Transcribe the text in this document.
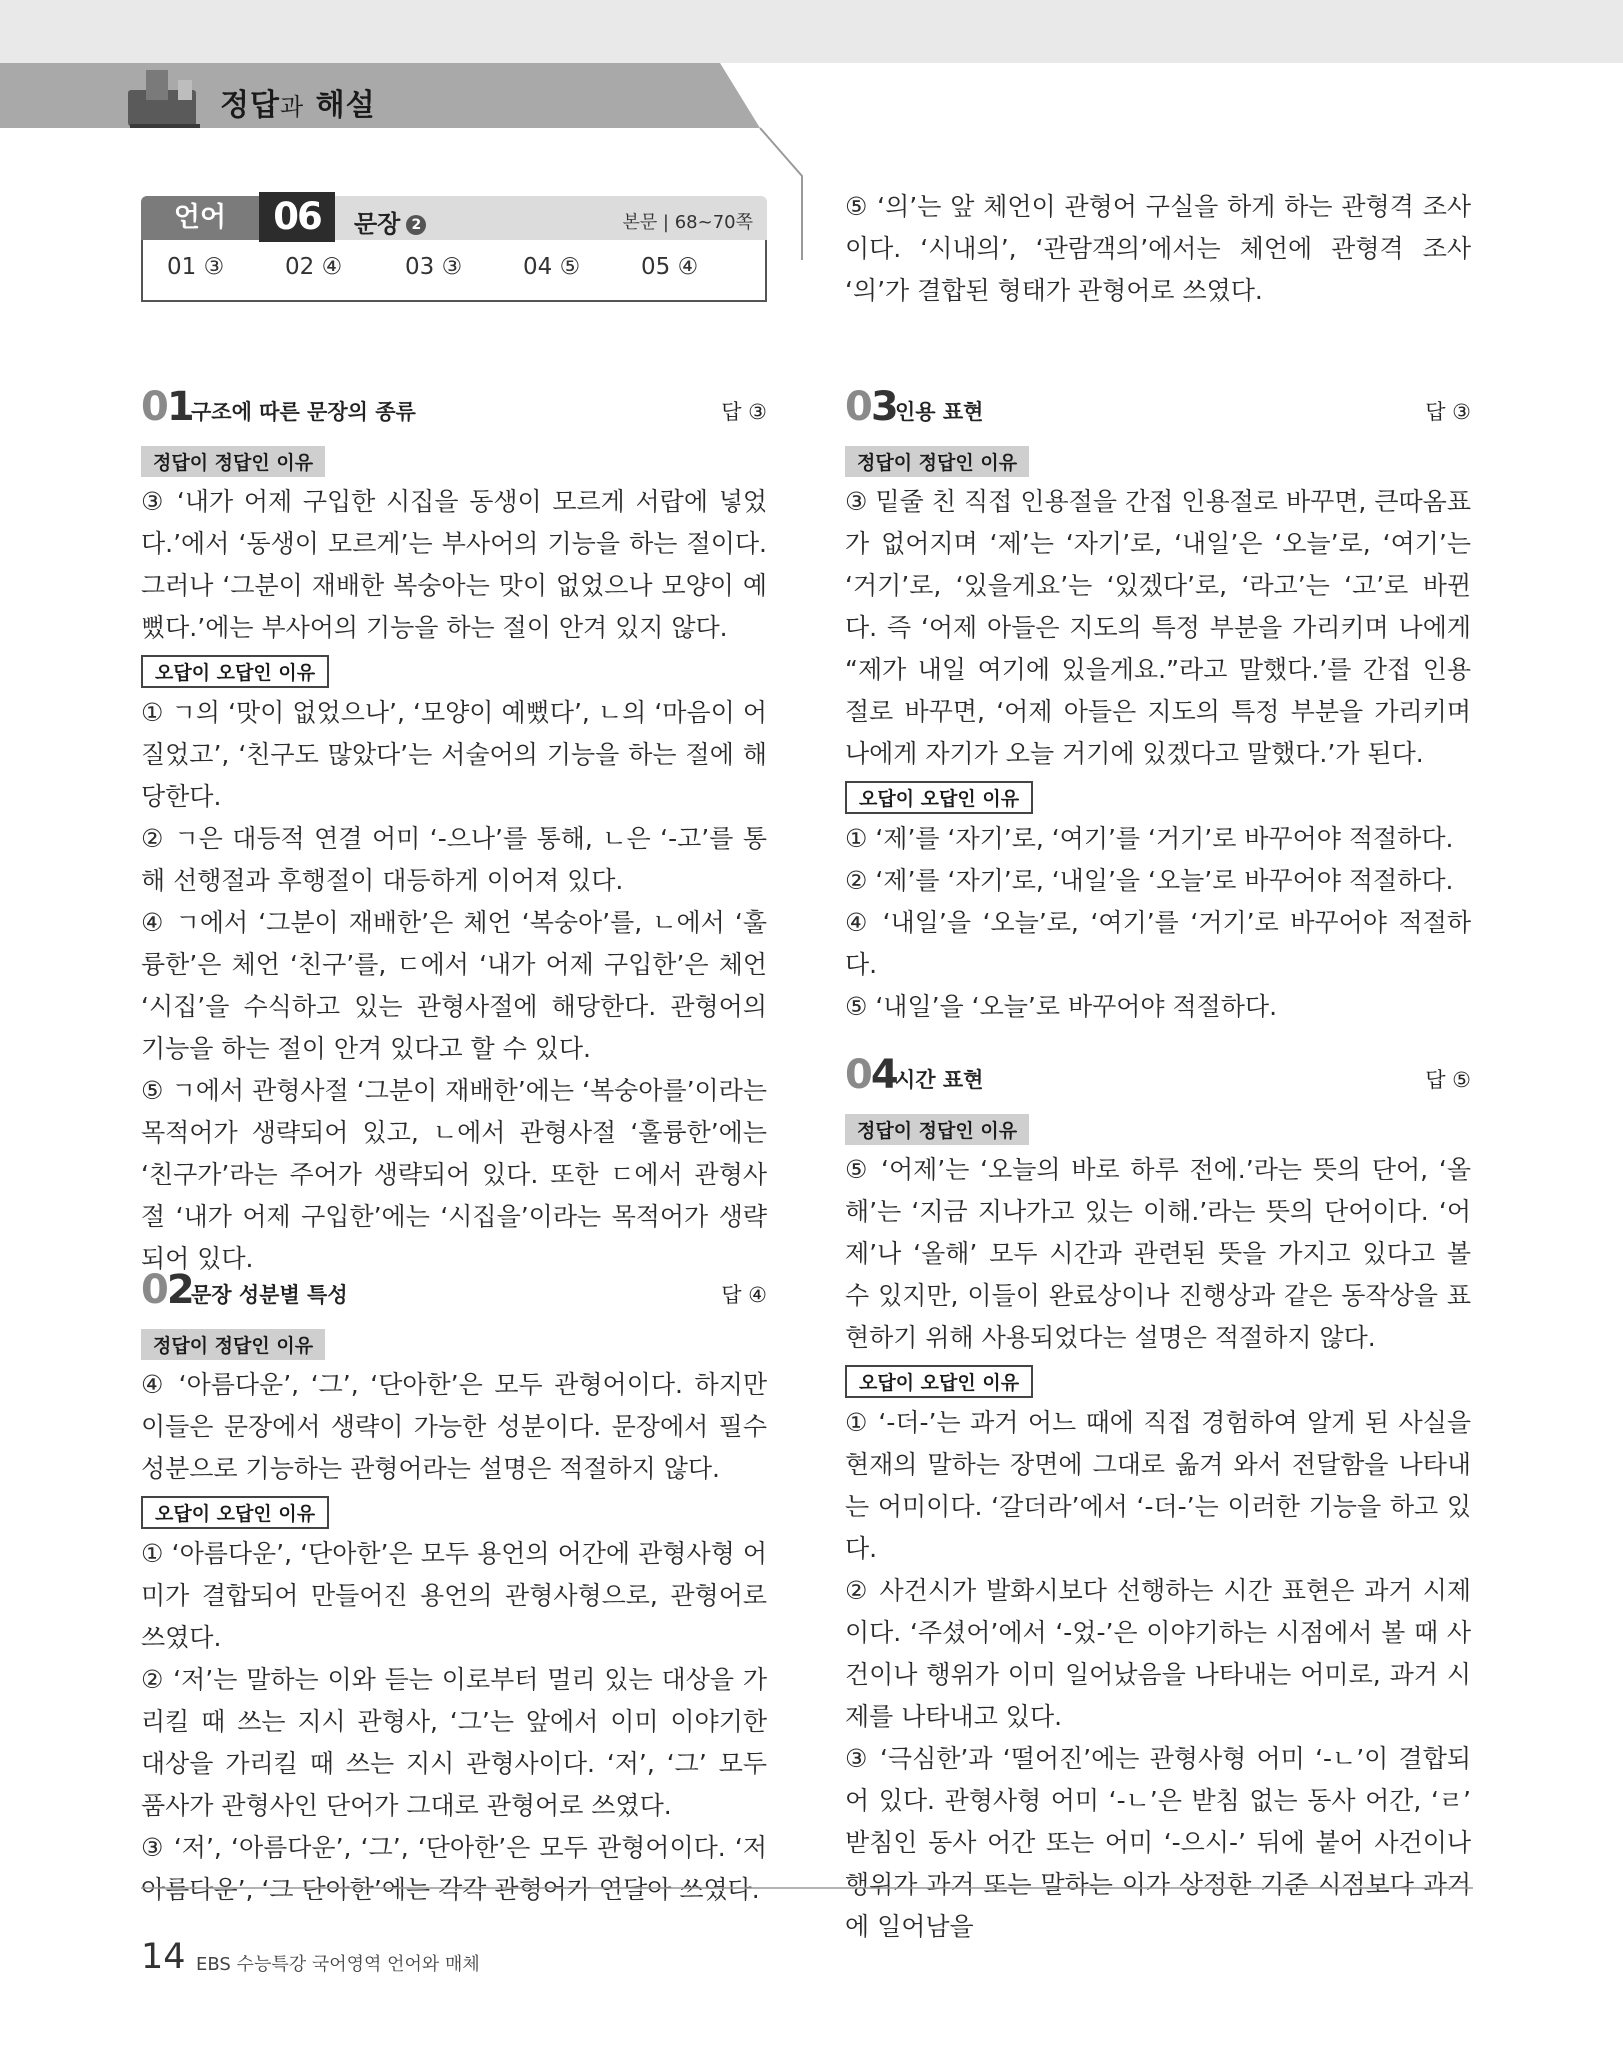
정답과 해설
언어	06	문장 2	본문 | 68~70쪽
01 ③	02 ④	03 ③	04 ⑤	05 ④
01
구조에 따른 문장의 종류	답 ③
정답이 정답인 이유

③ ‘내가 어제 구입한 시집을 동생이 모르게 서랍에 넣었다.’에서 ‘동생이 모르게’는 부사어의 기능을 하는 절이다. 그러나 ‘그분이 재배한 복숭아는 맛이 없었으나 모양이 예뻤다.’에는 부사어의 기능을 하는 절이 안겨 있지 않다.

오답이 오답인 이유

① ㄱ의 ‘맛이 없었으나’, ‘모양이 예뻤다’, ㄴ의 ‘마음이 어질었고’, ‘친구도 많았다’는 서술어의 기능을 하는 절에 해당한다.

② ㄱ은 대등적 연결 어미 ‘-으나’를 통해, ㄴ은 ‘-고’를 통해 선행절과 후행절이 대등하게 이어져 있다.

④ ㄱ에서 ‘그분이 재배한’은 체언 ‘복숭아’를, ㄴ에서 ‘훌륭한’은 체언 ‘친구’를, ㄷ에서 ‘내가 어제 구입한’은 체언 ‘시집’을 수식하고 있는 관형사절에 해당한다. 관형어의 기능을 하는 절이 안겨 있다고 할 수 있다.

⑤ ㄱ에서 관형사절 ‘그분이 재배한’에는 ‘복숭아를’이라는 목적어가 생략되어 있고, ㄴ에서 관형사절 ‘훌륭한’에는 ‘친구가’라는 주어가 생략되어 있다. 또한 ㄷ에서 관형사절 ‘내가 어제 구입한’에는 ‘시집을’이라는 목적어가 생략되어 있다.

02
문장 성분별 특성	답 ④
정답이 정답인 이유

④ ‘아름다운’, ‘그’, ‘단아한’은 모두 관형어이다. 하지만 이들은 문장에서 생략이 가능한 성분이다. 문장에서 필수 성분으로 기능하는 관형어라는 설명은 적절하지 않다.

오답이 오답인 이유

① ‘아름다운’, ‘단아한’은 모두 용언의 어간에 관형사형 어미가 결합되어 만들어진 용언의 관형사형으로, 관형어로 쓰였다.

② ‘저’는 말하는 이와 듣는 이로부터 멀리 있는 대상을 가리킬 때 쓰는 지시 관형사, ‘그’는 앞에서 이미 이야기한 대상을 가리킬 때 쓰는 지시 관형사이다. ‘저’, ‘그’ 모두 품사가 관형사인 단어가 그대로 관형어로 쓰였다.

③ ‘저’, ‘아름다운’, ‘그’, ‘단아한’은 모두 관형어이다. ‘저 아름다운’, ‘그 단아한’에는 각각 관형어가 연달아 쓰였다.

⑤ ‘의’는 앞 체언이 관형어 구실을 하게 하는 관형격 조사이다. ‘시내의’, ‘관람객의’에서는 체언에 관형격 조사 ‘의’가 결합된 형태가 관형어로 쓰였다.

03
인용 표현	답 ③
정답이 정답인 이유

③ 밑줄 친 직접 인용절을 간접 인용절로 바꾸면, 큰따옴표가 없어지며 ‘제’는 ‘자기’로, ‘내일’은 ‘오늘’로, ‘여기’는 ‘거기’로, ‘있을게요’는 ‘있겠다’로, ‘라고’는 ‘고’로 바뀐다. 즉 ‘어제 아들은 지도의 특정 부분을 가리키며 나에게 “제가 내일 여기에 있을게요.”라고 말했다.’를 간접 인용절로 바꾸면, ‘어제 아들은 지도의 특정 부분을 가리키며 나에게 자기가 오늘 거기에 있겠다고 말했다.’가 된다.

오답이 오답인 이유

① ‘제’를 ‘자기’로, ‘여기’를 ‘거기’로 바꾸어야 적절하다.

② ‘제’를 ‘자기’로, ‘내일’을 ‘오늘’로 바꾸어야 적절하다.

④ ‘내일’을 ‘오늘’로, ‘여기’를 ‘거기’로 바꾸어야 적절하다.

⑤ ‘내일’을 ‘오늘’로 바꾸어야 적절하다.

04
시간 표현	답 ⑤
정답이 정답인 이유

⑤ ‘어제’는 ‘오늘의 바로 하루 전에.’라는 뜻의 단어, ‘올해’는 ‘지금 지나가고 있는 이해.’라는 뜻의 단어이다. ‘어제’나 ‘올해’ 모두 시간과 관련된 뜻을 가지고 있다고 볼 수 있지만, 이들이 완료상이나 진행상과 같은 동작상을 표현하기 위해 사용되었다는 설명은 적절하지 않다.

오답이 오답인 이유

① ‘-더-’는 과거 어느 때에 직접 경험하여 알게 된 사실을 현재의 말하는 장면에 그대로 옮겨 와서 전달함을 나타내는 어미이다. ‘갈더라’에서 ‘-더-’는 이러한 기능을 하고 있다.

② 사건시가 발화시보다 선행하는 시간 표현은 과거 시제이다. ‘주셨어’에서 ‘-었-’은 이야기하는 시점에서 볼 때 사건이나 행위가 이미 일어났음을 나타내는 어미로, 과거 시제를 나타내고 있다.

③ ‘극심한’과 ‘떨어진’에는 관형사형 어미 ‘-ㄴ’이 결합되어 있다. 관형사형 어미 ‘-ㄴ’은 받침 없는 동사 어간, ‘ㄹ’ 받침인 동사 어간 또는 어미 ‘-으시-’ 뒤에 붙어 사건이나 행위가 과거 또는 말하는 이가 상정한 기준 시점보다 과거에 일어남을

14 EBS 수능특강 국어영역 언어와 매체
